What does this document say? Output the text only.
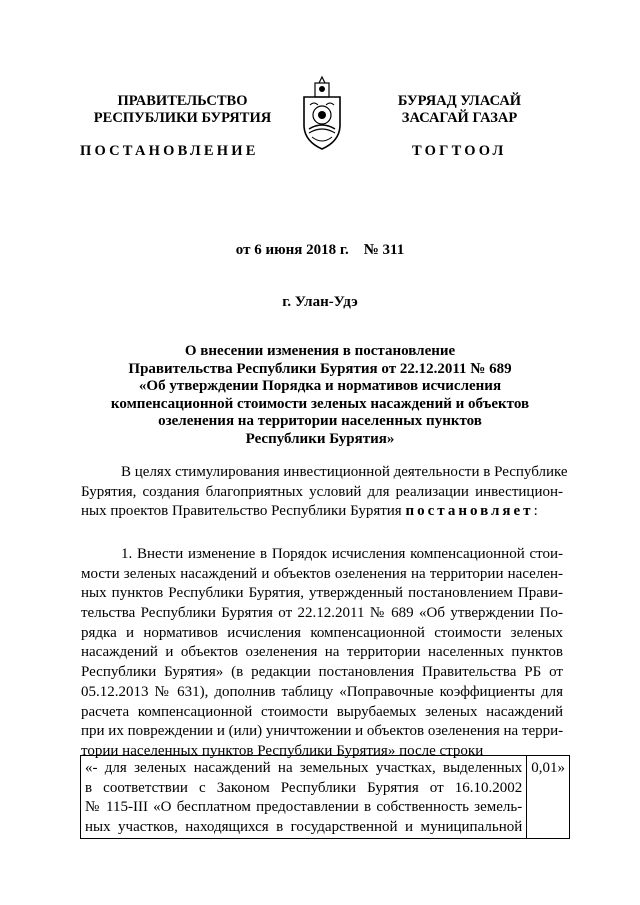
ПРАВИТЕЛЬСТВО
РЕСПУБЛИКИ БУРЯТИЯ
БУРЯАД УЛАСАЙ
ЗАСАГАЙ ГАЗАР
ПОСТАНОВЛЕНИЕ	ТОГТООЛ
от 6 июня 2018 г.    № 311
г. Улан-Удэ
О внесении изменения в постановление
Правительства Республики Бурятия от 22.12.2011 № 689
«Об утверждении Порядка и нормативов исчисления
компенсационной стоимости зеленых насаждений и объектов
озеленения на территории населенных пунктов
Республики Бурятия»
В целях стимулирования инвестиционной деятельности в Республике
Бурятия, создания благоприятных условий для реализации инвестицион-
ных проектов Правительство Республики Бурятия постановляет:
1. Внести изменение в Порядок исчисления компенсационной стои-
мости зеленых насаждений и объектов озеленения на территории населен-
ных пунктов Республики Бурятия, утвержденный постановлением Прави-
тельства Республики Бурятия от 22.12.2011 № 689 «Об утверждении По-
рядка и нормативов исчисления компенсационной стоимости зеленых
насаждений и объектов озеленения на территории населенных пунктов
Республики Бурятия» (в редакции постановления Правительства РБ от
05.12.2013 № 631), дополнив таблицу «Поправочные коэффициенты для
расчета компенсационной стоимости вырубаемых зеленых насаждений
при их повреждении и (или) уничтожении и объектов озеленения на терри-
тории населенных пунктов Республики Бурятия» после строки
«- для зеленых насаждений на земельных участках, выделенных
в соответствии с Законом Республики Бурятия от 16.10.2002
№ 115-III «О бесплатном предоставлении в собственность земель-
ных участков, находящихся в государственной и муниципальной
	0,01»
